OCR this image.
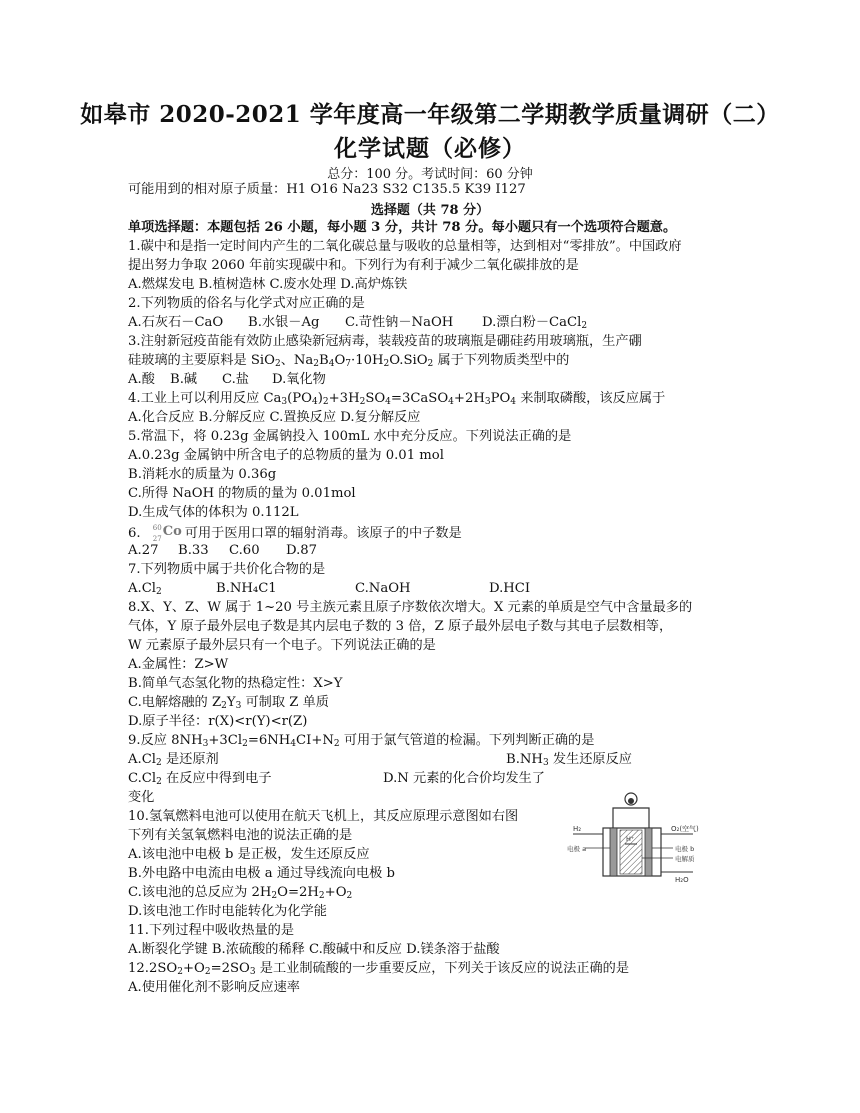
如皋市 2020-2021 学年度高一年级第二学期教学质量调研（二）
化学试题（必修）
总分：100 分。考试时间：60 分钟
可能用到的相对原子质量：H1 O16 Na23 S32 C135.5 K39 I127
选择题（共 78 分）
单项选择题：本题包括 26 小题，每小题 3 分，共计 78 分。每小题只有一个选项符合题意。
1.碳中和是指一定时间内产生的二氧化碳总量与吸收的总量相等，达到相对“零排放”。中国政府
提出努力争取 2060 年前实现碳中和。下列行为有利于减少二氧化碳排放的是
A.燃煤发电 B.植树造林 C.废水处理 D.高炉炼铁
2.下列物质的俗名与化学式对应正确的是
A.石灰石－CaO B.水银－Ag C.苛性钠－NaOH D.漂白粉－CaCl$_2$
3.注射新冠疫苗能有效防止感染新冠病毒，装载疫苗的玻璃瓶是硼硅药用玻璃瓶，生产硼
硅玻璃的主要原料是 SiO$_2$、$Na_2B_4O_7\cdot 10H_2O.SiO_2$ 属于下列物质类型中的
A.酸 B.碱 C.盐 D.氧化物
4.工业上可以利用反应 $Ca_3(PO_4)_2+3H_2SO_4=3CaSO_4+2H_3PO_4$ 来制取磷酸，该反应属于
A.化合反应 B.分解反应 C.置换反应 D.复分解反应
5.常温下，将 0.23g 金属钠投入 100mL 水中充分反应。下列说法正确的是
A.0.23g 金属钠中所含电子的总物质的量为 0.01 mol
B.消耗水的质量为 0.36g
C.所得 NaOH 的物质的量为 0.01mol
D.生成气体的体积为 0.112L
6. 60
27 Co 可用于医用口罩的辐射消毒。该原子的中子数是
A.27 B.33 C.60 D.87
7.下列物质中属于共价化合物的是
$A.Cl_2$	B.NH₄C1	C.NaOH	D.HCI
8.X、Y、Z、W 属于 1~20 号主族元素且原子序数依次增大。X 元素的单质是空气中含量最多的
气体，Y 原子最外层电子数是其内层电子数的 3 倍，Z 原子最外层电子数与其电子层数相等，
W 元素原子最外层只有一个电子。下列说法正确的是
A.金属性：Z>W
B.简单气态氢化物的热稳定性：X>Y
C.电解熔融的 $Z_2Y_3$ 可制取 Z 单质
D.原子半径：r(X)<r(Y)<r(Z)
9.反应 $8NH_3+3Cl_2=6NH_4CI+N_2$ 可用于氯气管道的检漏。下列判断正确的是
$A.Cl_2$ 是还原剂	$B.NH_3$ 发生还原反应
$C.Cl_2$ 在反应中得到电子	D.N 元素的化合价均发生了
变化
10.氢氧燃料电池可以使用在航天飞机上，其反应原理示意图如右图
下列有关氢氧燃料电池的说法正确的是
A.该电池中电极 b 是正极，发生还原反应
B.外电路中电流由电极 a 通过导线流向电极 b
C.该电池的总反应为 $2H_2O=2H_2+O_2$
D.该电池工作时电能转化为化学能
H₂	O₂(空气)
电极 a	电极 b
H⁺
电解质
H₂O
11.下列过程中吸收热量的是
A.断裂化学键 B.浓硫酸的稀释 C.酸碱中和反应 D.镁条溶于盐酸
$12.2SO_2+O_2=2SO_3$ 是工业制硫酸的一步重要反应，下列关于该反应的说法正确的是
A.使用催化剂不影响反应速率
